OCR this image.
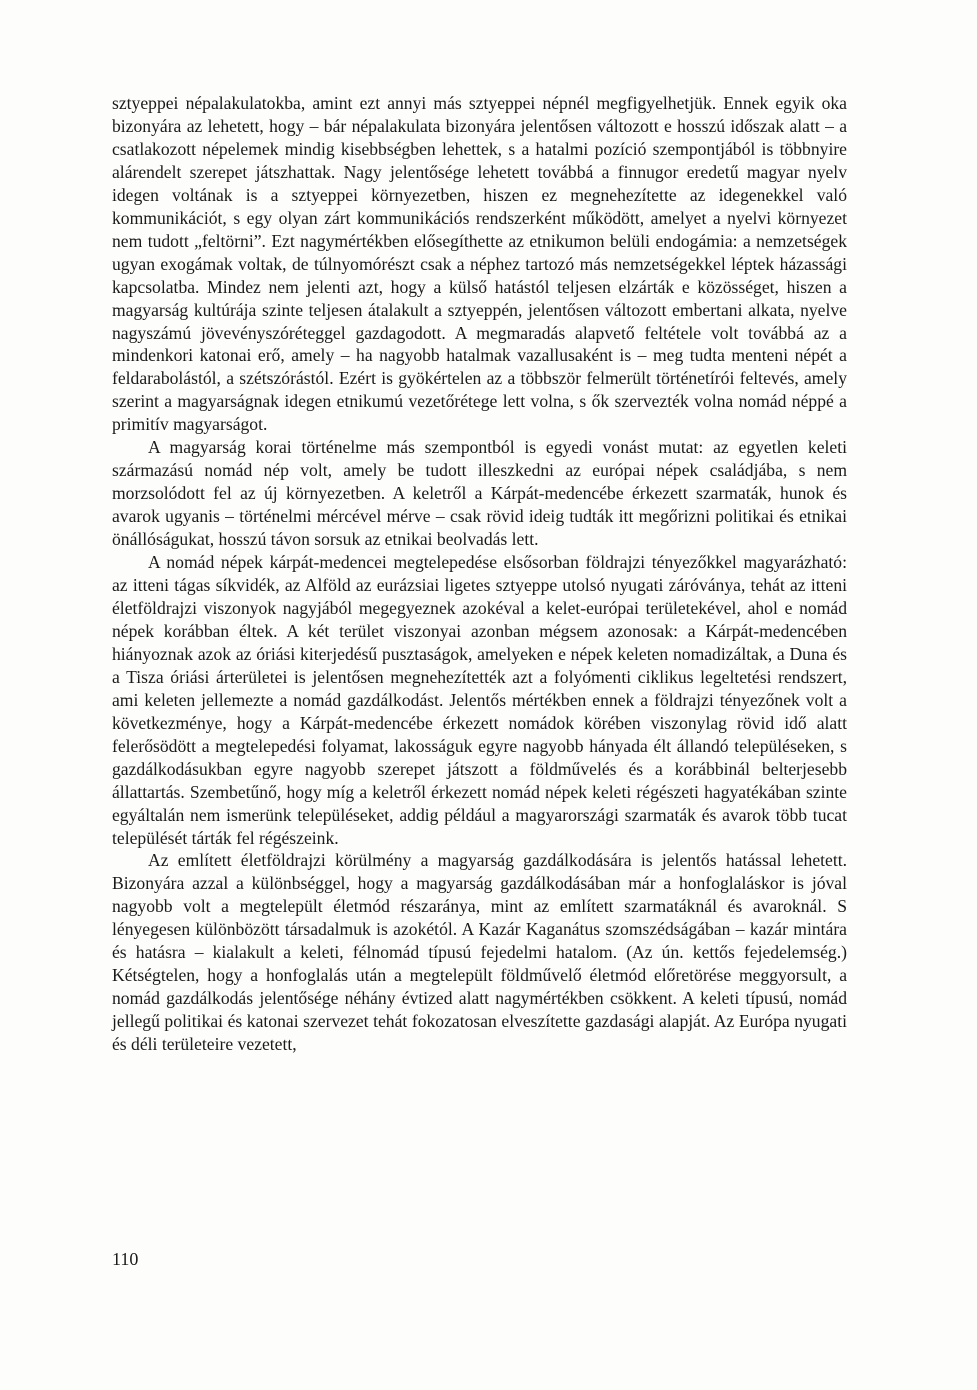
sztyeppei népalakulatokba, amint ezt annyi más sztyeppei népnél megfigyelhetjük. Ennek egyik oka bizonyára az lehetett, hogy – bár népalakulata bizonyára jelentősen változott e hosszú időszak alatt – a csatlakozott népelemek mindig kisebbségben lehettek, s a hatalmi pozíció szempontjából is többnyire alárendelt szerepet játszhattak. Nagy jelentősége lehetett továbbá a finnugor eredetű magyar nyelv idegen voltának is a sztyeppei környezetben, hiszen ez megnehezítette az idegenekkel való kommunikációt, s egy olyan zárt kommunikációs rendszerként működött, amelyet a nyelvi környezet nem tudott „feltörni”. Ezt nagymértékben elősegíthette az etnikumon belüli endogámia: a nemzetségek ugyan exogámak voltak, de túlnyomórészt csak a néphez tartozó más nemzetségekkel léptek házassági kapcsolatba. Mindez nem jelenti azt, hogy a külső hatástól teljesen elzárták e közösséget, hiszen a magyarság kultúrája szinte teljesen átalakult a sztyeppén, jelentősen változott embertani alkata, nyelve nagyszámú jövevényszóréteggel gazdagodott. A megmaradás alapvető feltétele volt továbbá az a mindenkori katonai erő, amely – ha nagyobb hatalmak vazallusaként is – meg tudta menteni népét a feldarabolástól, a szétszórástól. Ezért is gyökértelen az a többször felmerült történetírói feltevés, amely szerint a magyarságnak idegen etnikumú vezetőrétege lett volna, s ők szervezték volna nomád néppé a primitív magyarságot.

A magyarság korai történelme más szempontból is egyedi vonást mutat: az egyetlen keleti származású nomád nép volt, amely be tudott illeszkedni az európai népek családjába, s nem morzsolódott fel az új környezetben. A keletről a Kárpát-medencébe érkezett szarmaták, hunok és avarok ugyanis – történelmi mércével mérve – csak rövid ideig tudták itt megőrizni politikai és etnikai önállóságukat, hosszú távon sorsuk az etnikai beolvadás lett.

A nomád népek kárpát-medencei megtelepedése elsősorban földrajzi tényezőkkel magyarázható: az itteni tágas síkvidék, az Alföld az eurázsiai ligetes sztyeppe utolsó nyugati záróványa, tehát az itteni életföldrajzi viszonyok nagyjából megegyeznek azokéval a kelet-európai területekével, ahol e nomád népek korábban éltek. A két terület viszonyai azonban mégsem azonosak: a Kárpát-medencében hiányoznak azok az óriási kiterjedésű pusztaságok, amelyeken e népek keleten nomadizáltak, a Duna és a Tisza óriási árterületei is jelentősen megnehezítették azt a folyómenti ciklikus legeltetési rendszert, ami keleten jellemezte a nomád gazdálkodást. Jelentős mértékben ennek a földrajzi tényezőnek volt a következménye, hogy a Kárpát-medencébe érkezett nomádok körében viszonylag rövid idő alatt felerősödött a megtelepedési folyamat, lakosságuk egyre nagyobb hányada élt állandó településeken, s gazdálkodásukban egyre nagyobb szerepet játszott a földművelés és a korábbinál belterjesebb állattartás. Szembetűnő, hogy míg a keletről érkezett nomád népek keleti régészeti hagyatékában szinte egyáltalán nem ismerünk településeket, addig például a magyarországi szarmaták és avarok több tucat települését tárták fel régészeink.

Az említett életföldrajzi körülmény a magyarság gazdálkodására is jelentős hatással lehetett. Bizonyára azzal a különbséggel, hogy a magyarság gazdálkodásában már a honfoglaláskor is jóval nagyobb volt a megtelepült életmód részaránya, mint az említett szarmatáknál és avaroknál. S lényegesen különbözött társadalmuk is azokétól. A Kazár Kaganátus szomszédságában – kazár mintára és hatásra – kialakult a keleti, félnomád típusú fejedelmi hatalom. (Az ún. kettős fejedelemség.) Kétségtelen, hogy a honfoglalás után a megtelepült földművelő életmód előretörése meggyorsult, a nomád gazdálkodás jelentősége néhány évtized alatt nagymértékben csökkent. A keleti típusú, nomád jellegű politikai és katonai szervezet tehát fokozatosan elveszítette gazdasági alapját. Az Európa nyugati és déli területeire vezetett,

110
